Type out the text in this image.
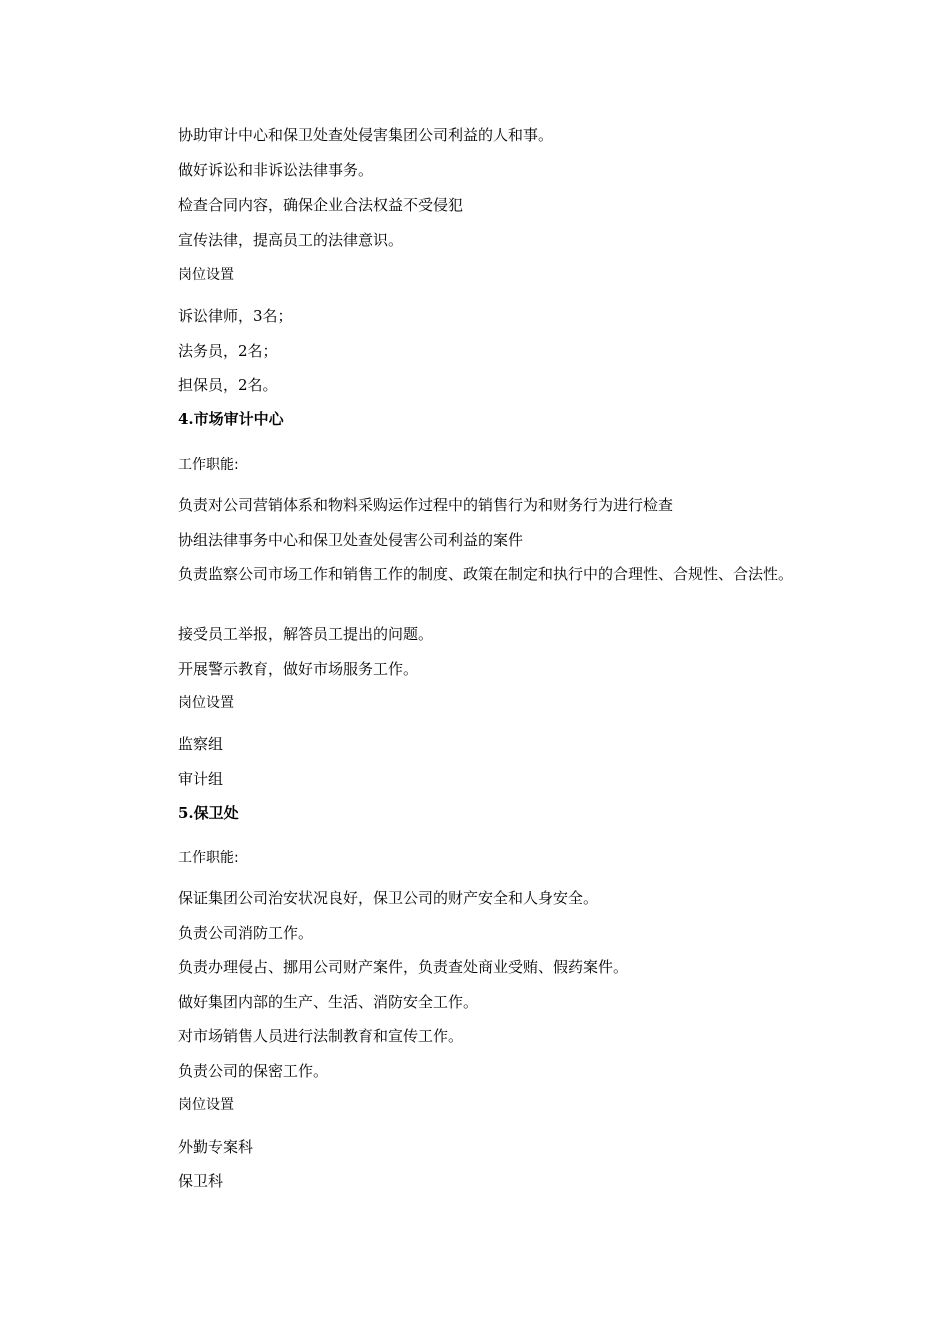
协助审计中心和保卫处查处侵害集团公司利益的人和事。
做好诉讼和非诉讼法律事务。
检查合同内容，确保企业合法权益不受侵犯
宣传法律，提高员工的法律意识。
岗位设置
诉讼律师，3名；
法务员，2名；
担保员，2名。
4.市场审计中心
工作职能:
负责对公司营销体系和物料采购运作过程中的销售行为和财务行为进行检查
协组法律事务中心和保卫处查处侵害公司利益的案件
负责监察公司市场工作和销售工作的制度、政策在制定和执行中的合理性、合规性、合法性。
接受员工举报，解答员工提出的问题。
开展警示教育，做好市场服务工作。
岗位设置
监察组
审计组
5.保卫处
工作职能:
保证集团公司治安状况良好，保卫公司的财产安全和人身安全。
负责公司消防工作。
负责办理侵占、挪用公司财产案件，负责查处商业受贿、假药案件。
做好集团内部的生产、生活、消防安全工作。
对市场销售人员进行法制教育和宣传工作。
负责公司的保密工作。
岗位设置
外勤专案科
保卫科
